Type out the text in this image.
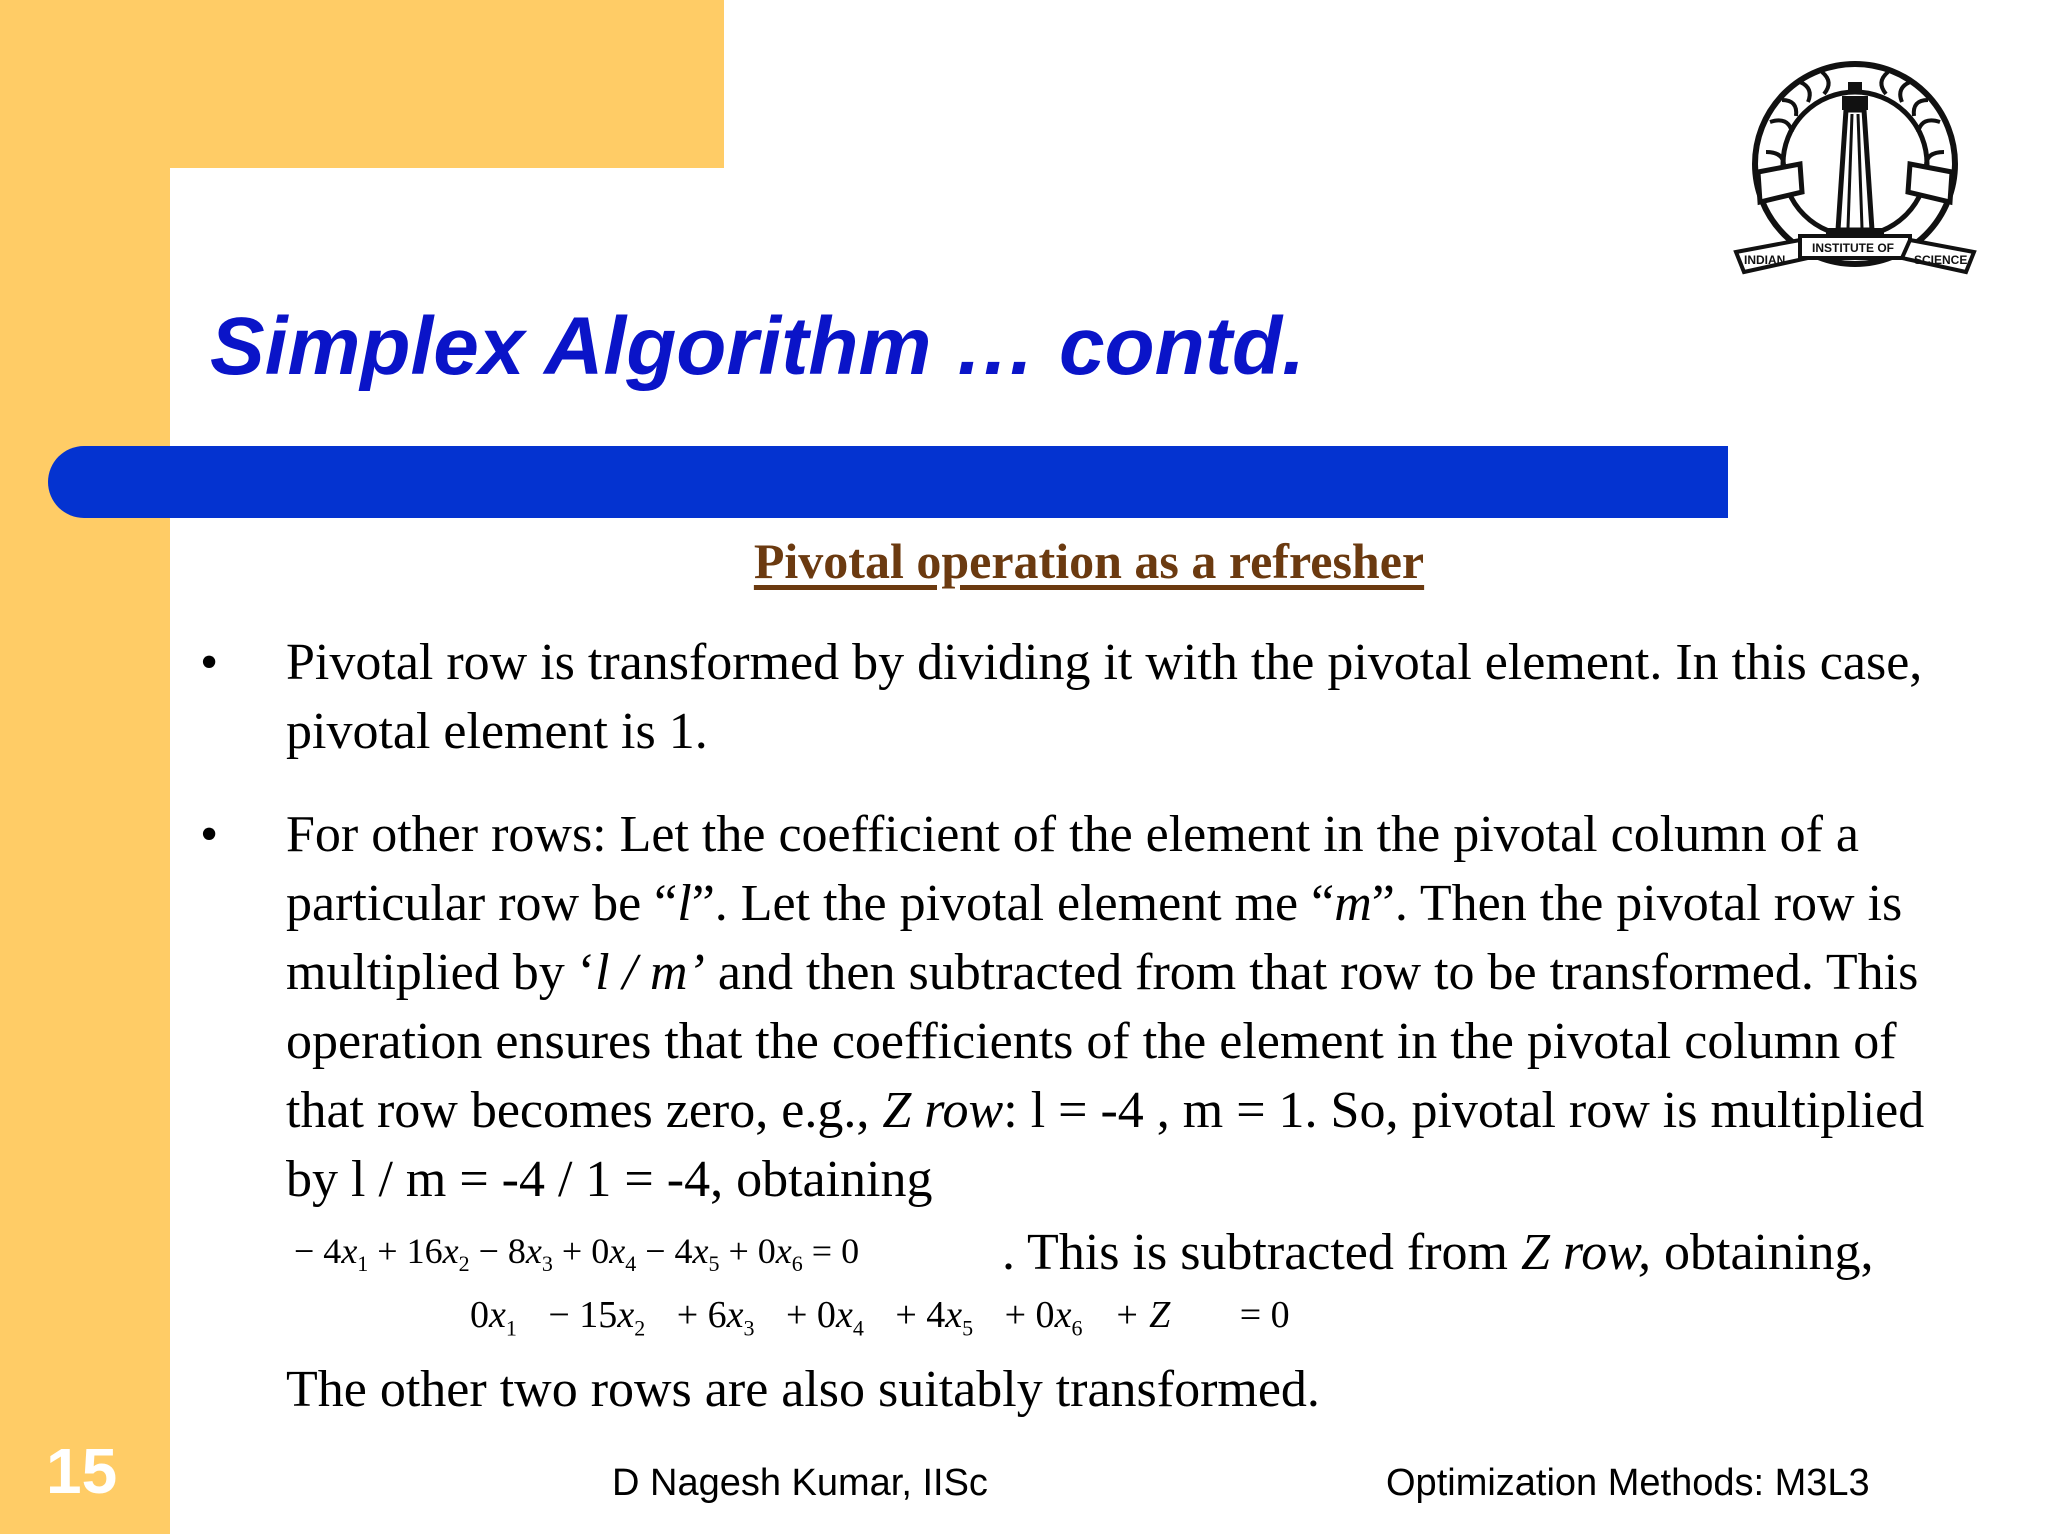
INDIAN
INSTITUTE OF
SCIENCE
Simplex Algorithm … contd.
Pivotal operation as a refresher
• Pivotal row is transformed by dividing it with the pivotal element. In this case, pivotal element is 1.
• For other rows: Let the coefficient of the element in the pivotal column of a particular row be “l”. Let the pivotal element me “m”. Then the pivotal row is multiplied by ‘l / m’ and then subtracted from that row to be transformed. This operation ensures that the coefficients of the element in the pivotal column of that row becomes zero, e.g., Z row: l = -4 , m = 1. So, pivotal row is multiplied by l / m = -4 / 1 = -4, obtaining
− $4x_1 + 16x_2 - 8x_3 + 0x_4 - 4x_5 + 0x_6 = 0$	. This is subtracted from Z row, obtaining,
$0x_1 - 15x_2 + 6x_3 + 0x_4 + 4x_5 + 0x_6 + Z = 0$
The other two rows are also suitably transformed.
15	D Nagesh Kumar, IISc	Optimization Methods: M3L3
